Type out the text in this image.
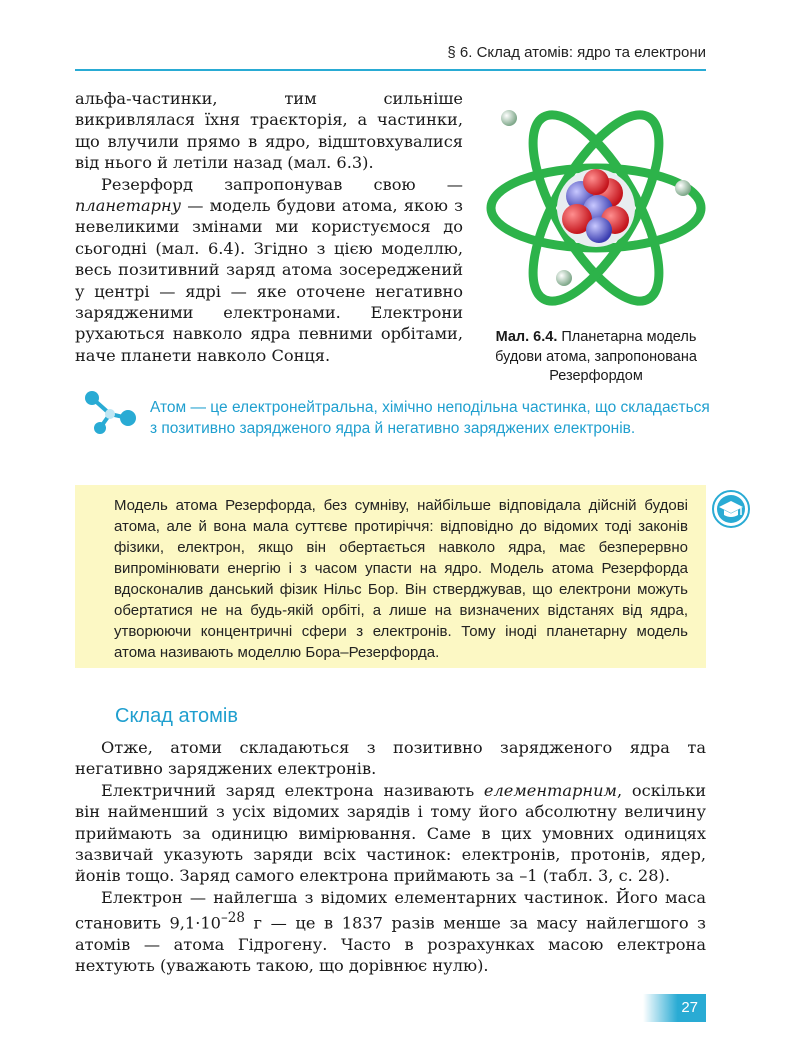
§ 6. Склад атомів: ядро та електрони

альфа-частинки, тим сильніше викривлялася їхня траєкторія, а частинки, що влучили прямо в ядро, відштовхувалися від нього й летіли назад (мал. 6.3).

Резерфорд запропонував свою — планетарну — модель будови атома, якою з невеликими змінами ми користуємося до сьогодні (мал. 6.4). Згідно з цією моделлю, весь позитивний заряд атома зосереджений у центрі — ядрі — яке оточене негативно зарядженими електронами. Електрони рухаються навколо ядра певними орбітами, наче планети навколо Сонця.

Мал. 6.4. Планетарна модель будови атома, запропонована Резерфордом
Атом — це електронейтральна, хімічно неподільна частинка, що складається з позитивно зарядженого ядра й негативно заряджених електронів.

Модель атома Резерфорда, без сумніву, найбільше відповідала дійсній будові атома, але й вона мала суттєве протиріччя: відповідно до відомих тоді законів фізики, електрон, якщо він обертається навколо ядра, має безперервно випромінювати енергію і з часом упасти на ядро. Модель атома Резерфорда вдосконалив данський фізик Нільс Бор. Він стверджував, що електрони можуть обертатися не на будь-якій орбіті, а лише на визначених відстанях від ядра, утворюючи концентричні сфери з електронів. Тому іноді планетарну модель атома називають моделлю Бора–Резерфорда.

Склад атомів

Отже, атоми складаються з позитивно зарядженого ядра та негативно заряджених електронів.

Електричний заряд електрона називають елементарним, оскільки він найменший з усіх відомих зарядів і тому його абсолютну величину приймають за одиницю вимірювання. Саме в цих умовних одиницях зазвичай указують заряди всіх частинок: електронів, протонів, ядер, йонів тощо. Заряд самого електрона приймають за –1 (табл. 3, с. 28).

Електрон — найлегша з відомих елементарних частинок. Його маса становить $9,1\cdot 10^{-28}$ г — це в 1837 разів менше за масу найлегшого з атомів — атома Гідрогену. Часто в розрахунках масою електрона нехтують (уважають такою, що дорівнює нулю).

27
